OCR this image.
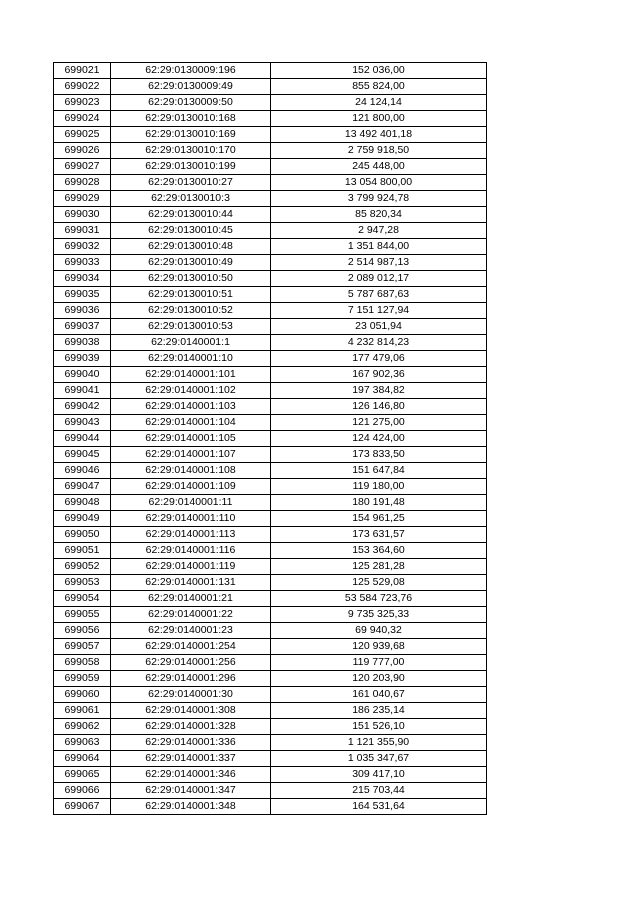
699021	62:29:0130009:196	152 036,00
699022	62:29:0130009:49	855 824,00
699023	62:29:0130009:50	24 124,14
699024	62:29:0130010:168	121 800,00
699025	62:29:0130010:169	13 492 401,18
699026	62:29:0130010:170	2 759 918,50
699027	62:29:0130010:199	245 448,00
699028	62:29:0130010:27	13 054 800,00
699029	62:29:0130010:3	3 799 924,78
699030	62:29:0130010:44	85 820,34
699031	62:29:0130010:45	2 947,28
699032	62:29:0130010:48	1 351 844,00
699033	62:29:0130010:49	2 514 987,13
699034	62:29:0130010:50	2 089 012,17
699035	62:29:0130010:51	5 787 687,63
699036	62:29:0130010:52	7 151 127,94
699037	62:29:0130010:53	23 051,94
699038	62:29:0140001:1	4 232 814,23
699039	62:29:0140001:10	177 479,06
699040	62:29:0140001:101	167 902,36
699041	62:29:0140001:102	197 384,82
699042	62:29:0140001:103	126 146,80
699043	62:29:0140001:104	121 275,00
699044	62:29:0140001:105	124 424,00
699045	62:29:0140001:107	173 833,50
699046	62:29:0140001:108	151 647,84
699047	62:29:0140001:109	119 180,00
699048	62:29:0140001:11	180 191,48
699049	62:29:0140001:110	154 961,25
699050	62:29:0140001:113	173 631,57
699051	62:29:0140001:116	153 364,60
699052	62:29:0140001:119	125 281,28
699053	62:29:0140001:131	125 529,08
699054	62:29:0140001:21	53 584 723,76
699055	62:29:0140001:22	9 735 325,33
699056	62:29:0140001:23	69 940,32
699057	62:29:0140001:254	120 939,68
699058	62:29:0140001:256	119 777,00
699059	62:29:0140001:296	120 203,90
699060	62:29:0140001:30	161 040,67
699061	62:29:0140001:308	186 235,14
699062	62:29:0140001:328	151 526,10
699063	62:29:0140001:336	1 121 355,90
699064	62:29:0140001:337	1 035 347,67
699065	62:29:0140001:346	309 417,10
699066	62:29:0140001:347	215 703,44
699067	62:29:0140001:348	164 531,64
